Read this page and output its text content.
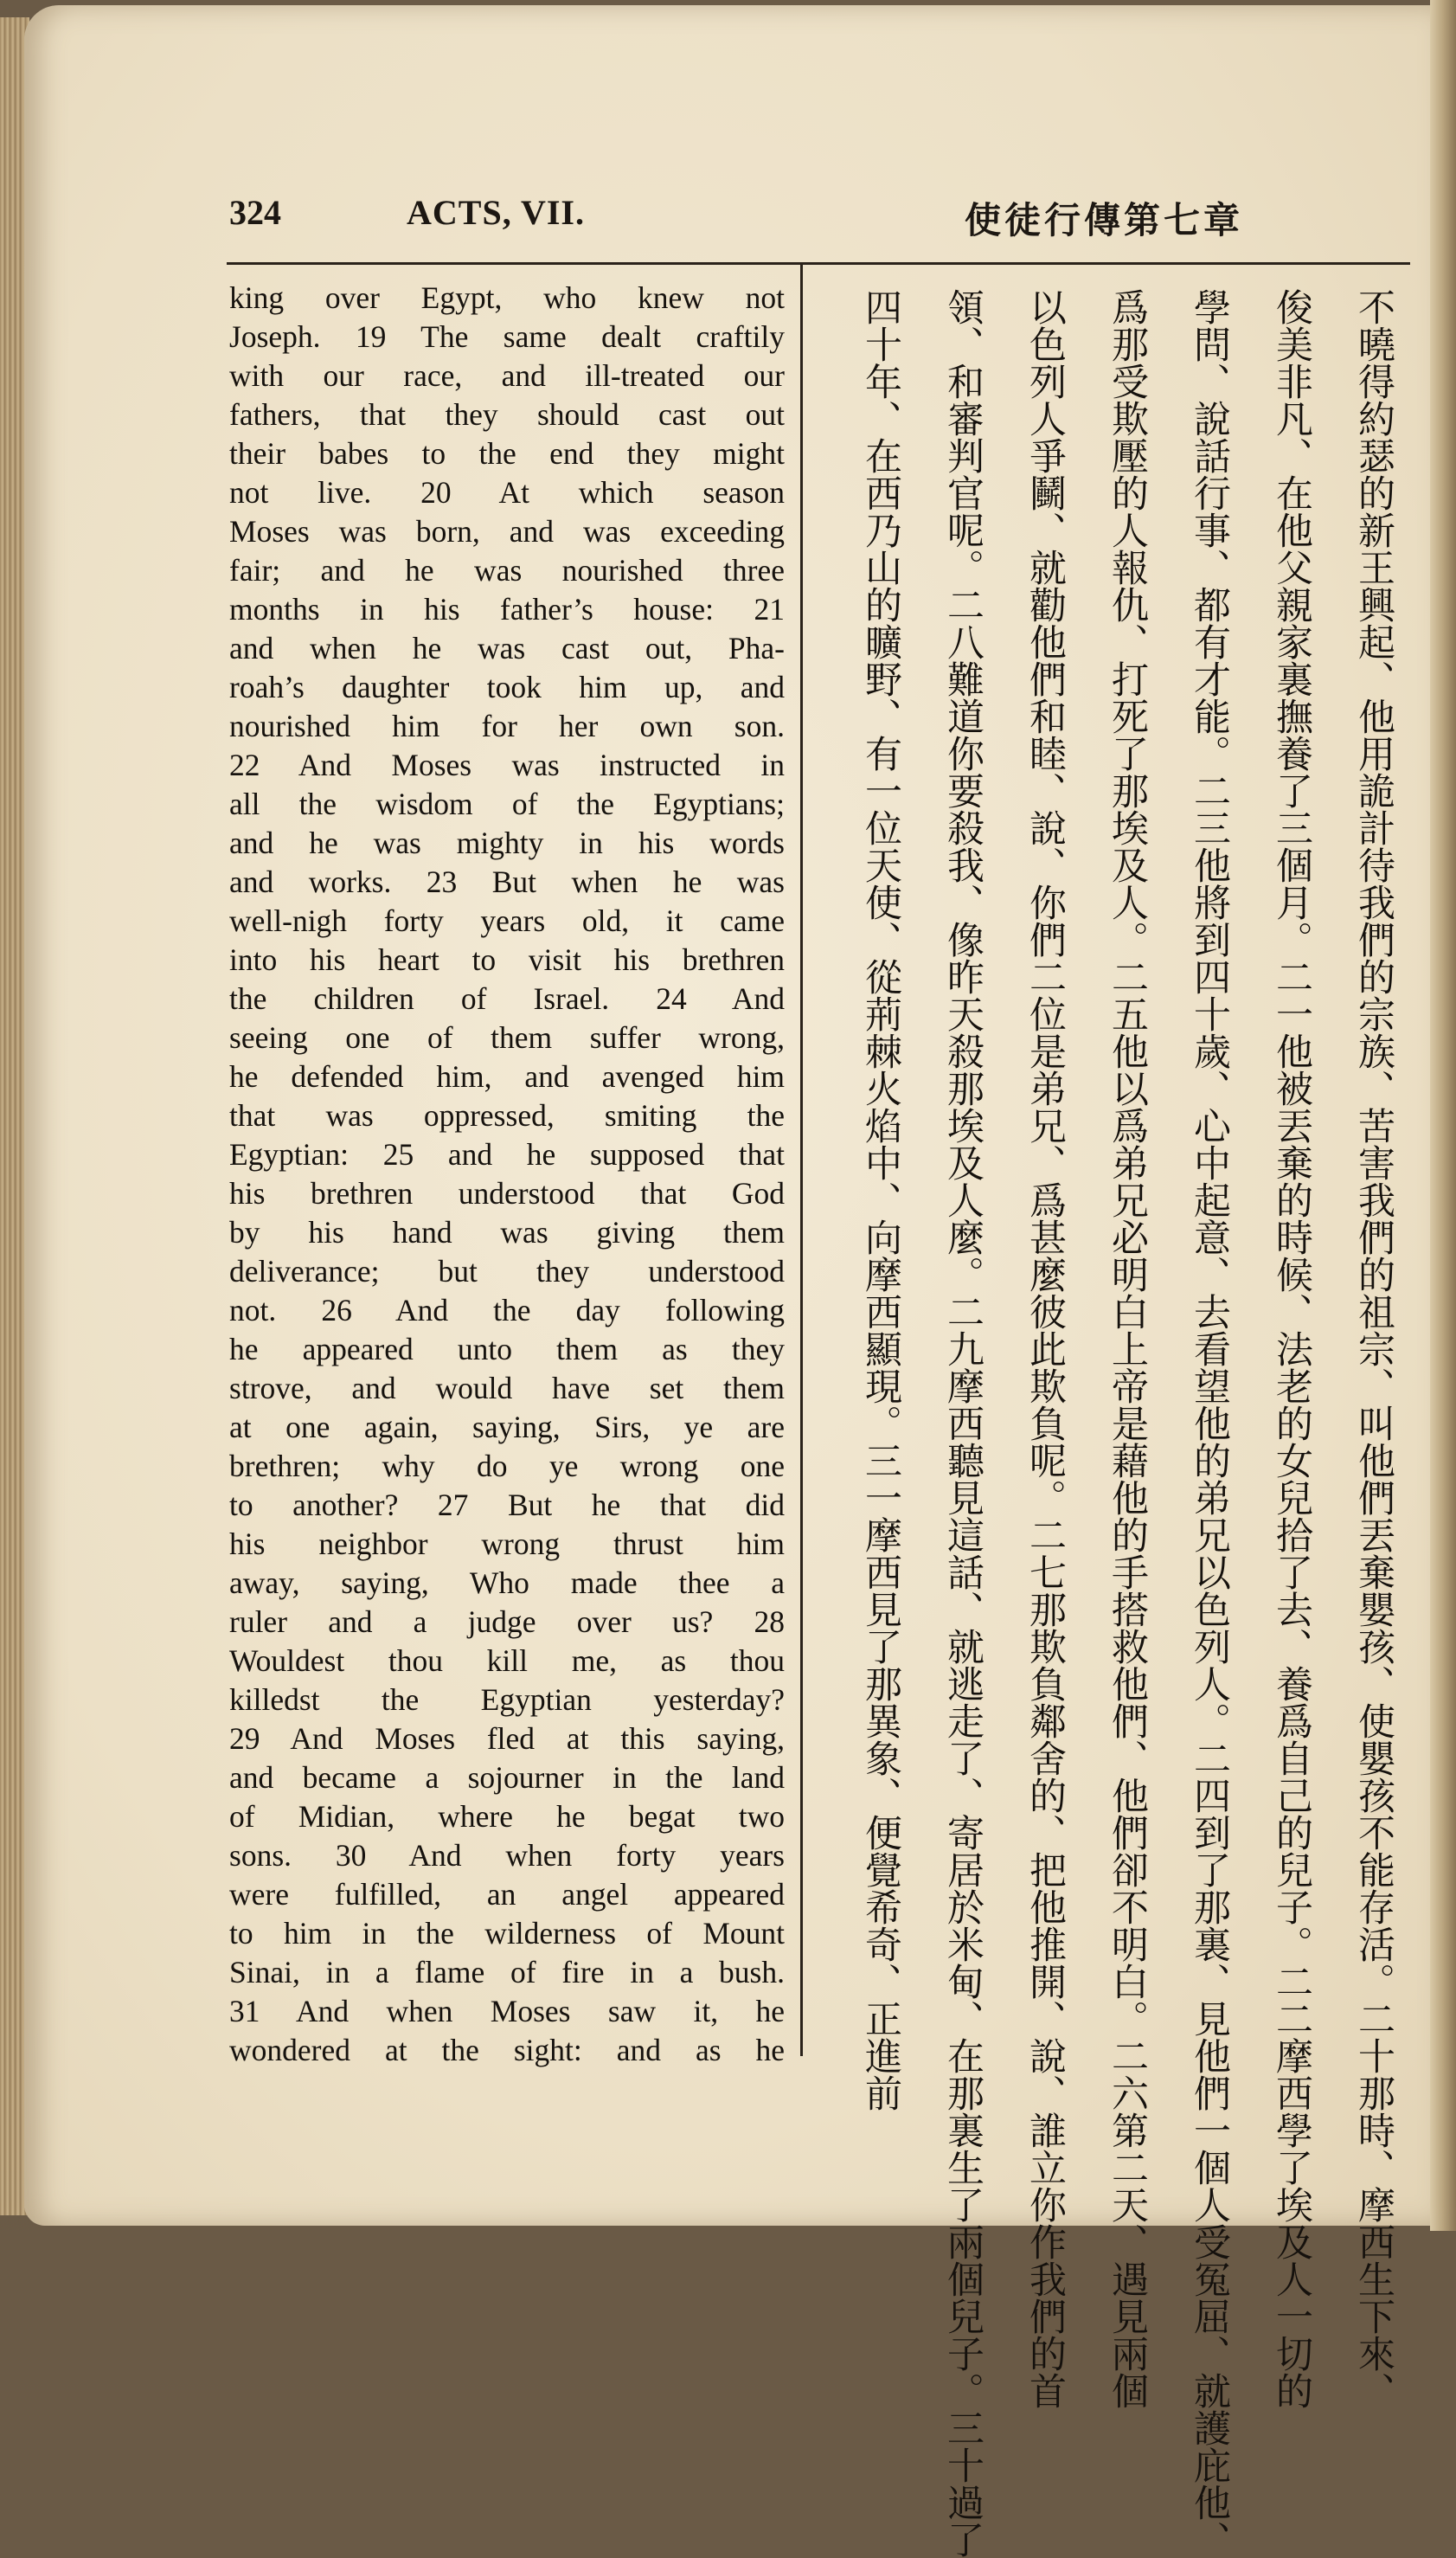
324	ACTS, VII.	使徒行傳第七章
king over Egypt, who knew not
Joseph. 19 The same dealt craftily
with our race, and ill-treated our
fathers, that they should cast out
their babes to the end they might
not live. 20 At which season
Moses was born, and was exceeding
fair; and he was nourished three
months in his father’s house: 21
and when he was cast out, Pha-
roah’s daughter took him up, and
nourished him for her own son.
22 And Moses was instructed in
all the wisdom of the Egyptians;
and he was mighty in his words
and works. 23 But when he was
well-nigh forty years old, it came
into his heart to visit his brethren
the children of Israel. 24 And
seeing one of them suffer wrong,
he defended him, and avenged him
that was oppressed, smiting the
Egyptian: 25 and he supposed that
his brethren understood that God
by his hand was giving them
deliverance; but they understood
not. 26 And the day following
he appeared unto them as they
strove, and would have set them
at one again, saying, Sirs, ye are
brethren; why do ye wrong one
to another? 27 But he that did
his neighbor wrong thrust him
away, saying, Who made thee a
ruler and a judge over us? 28
Wouldest thou kill me, as thou
killedst the Egyptian yesterday?
29 And Moses fled at this saying,
and became a sojourner in the land
of Midian, where he begat two
sons. 30 And when forty years
were fulfilled, an angel appeared
to him in the wilderness of Mount
Sinai, in a flame of fire in a bush.
31 And when Moses saw it, he
wondered at the sight: and as he	不曉得約瑟的新王興起、他用詭計待我們的宗族、苦害我們的祖宗、叫他們丟棄嬰孩、使嬰孩不能存活。二十那時、摩西生下來、
俊美非凡、在他父親家裏撫養了三個月。二一他被丟棄的時候、法老的女兒拾了去、養爲自己的兒子。二二摩西學了埃及人一切的
學問、說話行事、都有才能。二三他將到四十歲、心中起意、去看望他的弟兄以色列人。二四到了那裏、見他們一個人受冤屈、就護庇他、
爲那受欺壓的人報仇、打死了那埃及人。二五他以爲弟兄必明白上帝是藉他的手搭救他們、他們卻不明白。二六第二天、遇見兩個
以色列人爭鬭、就勸他們和睦、說、你們二位是弟兄、爲甚麼彼此欺負呢。二七那欺負鄰舍的、把他推開、說、誰立你作我們的首
領、和審判官呢。二八難道你要殺我、像昨天殺那埃及人麼。二九摩西聽見這話、就逃走了、寄居於米甸、在那裏生了兩個兒子。三十過了
四十年、在西乃山的曠野、有一位天使、從荊棘火焰中、向摩西顯現。三一摩西見了那異象、便覺希奇、正進前
